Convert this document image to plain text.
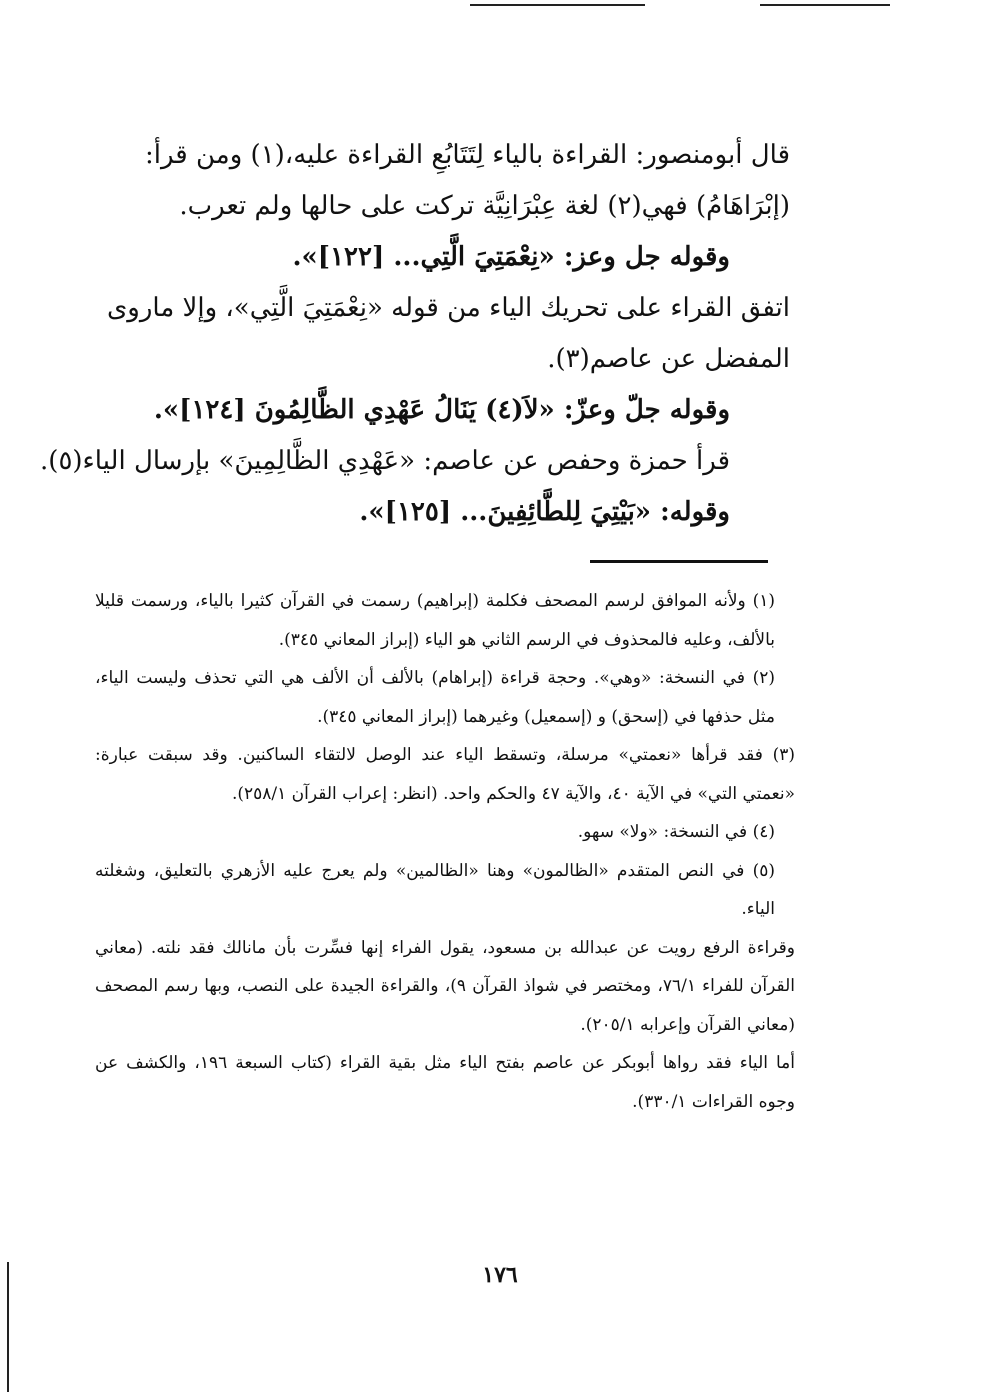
قال أبومنصور: القراءة بالياء لِتَتَابُعِ القراءة عليه،(١) ومن قرأ:

(إبْرَاهَامُ) فهي(٢) لغة عِبْرَانِيَّة تركت على حالها ولم تعرب.

وقوله جل وعز: «نِعْمَتِيَ الَّتِي... [١٢٢]».

اتفق القراء على تحريك الياء من قوله «نِعْمَتِيَ الَّتِي»، وإلا ماروى

المفضل عن عاصم(٣).

وقوله جلّ وعزّ: «لاَ(٤) يَنَالُ عَهْدِي الظَّالِمُونَ [١٢٤]».

قرأ حمزة وحفص عن عاصم: «عَهْدِي الظَّالِمِينَ» بإرسال الياء(٥).

وقوله: «بَيْتِيَ لِلطَّائِفِينَ... [١٢٥]».

(١) ولأنه الموافق لرسم المصحف فكلمة (إبراهيم) رسمت في القرآن كثيرا بالياء، ورسمت قليلا بالألف، وعليه فالمحذوف في الرسم الثاني هو الياء (إبراز المعاني ٣٤٥).

(٢) في النسخة: «وهي». وحجة قراءة (إبراهام) بالألف أن الألف هي التي تحذف وليست الياء، مثل حذفها في (إسحق) و (إسمعيل) وغيرهما (إبراز المعاني ٣٤٥).

(٣) فقد قرأها «نعمتي» مرسلة، وتسقط الياء عند الوصل لالتقاء الساكنين. وقد سبقت عبارة: «نعمتي التي» في الآية ٤٠، والآية ٤٧ والحكم واحد. (انظر: إعراب القرآن ٢٥٨/١).

(٤) في النسخة: «ولا» سهو.

(٥) في النص المتقدم «الظالمون» وهنا «الظالمين» ولم يعرج عليه الأزهري بالتعليق، وشغلته الياء.

وقراءة الرفع رويت عن عبدالله بن مسعود، يقول الفراء إنها فسِّرت بأن مانالك فقد نلته. (معاني القرآن للفراء ٧٦/١، ومختصر في شواذ القرآن ٩)، والقراءة الجيدة على النصب، وبها رسم المصحف (معاني القرآن وإعرابه ٢٠٥/١).

أما الياء فقد رواها أبوبكر عن عاصم بفتح الياء مثل بقية القراء (كتاب السبعة ١٩٦، والكشف عن وجوه القراءات ٣٣٠/١).

١٧٦
